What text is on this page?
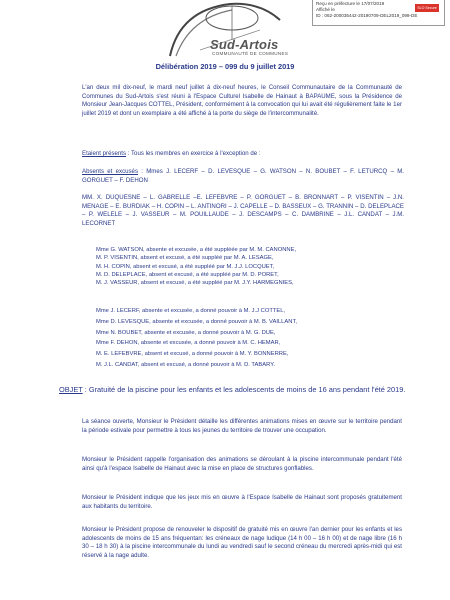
Reçu en préfecture le 17/07/2019
Affiché le
ID : 062-200035442-20190709-DEL2019_099-DE
SLO Secure
Sud-Artois
COMMUNAUTÉ DE COMMUNES
Délibération 2019 – 099 du 9 juillet 2019

L'an deux mil dix-neuf, le mardi neuf juillet à dix-neuf heures, le Conseil Communautaire de la Communauté de Communes du Sud-Artois s'est réuni à l'Espace Culturel Isabelle de Hainaut à BAPAUME, sous la Présidence de Monsieur Jean-Jacques COTTEL, Président, conformément à la convocation qui lui avait été régulièrement faite le 1er juillet 2019 et dont un exemplaire a été affiché à la porte du siège de l'intercommunalité.

Etaient présents : Tous les membres en exercice à l'exception de :

Absents et excusés : Mmes J. LECERF – D. LEVESQUE – G. WATSON – N. BOUBET – F. LETURCQ – M. GORGUET – F. DEHON

MM. X. DUQUESNE – L. GABRELLE –E. LEFEBVRE – P. GORGUET – B. BRONNART – P. VISENTIN – J.N. MENAGE – E. BURDIAK – H. COPIN – L. ANTINORI – J. CAPELLE – D. BASSEUX – G. TRANNIN – D. DELEPLACE – P. WELELE – J. VASSEUR – M. POUILLAUDE – J. DESCAMPS – C. DAMBRINE – J.L. CANDAT – J.M. LECORNET

Mme G. WATSON, absente et excusée, a été suppléée par M. M. CANONNE,
M. P. VISENTIN, absent et excusé, a été suppléé par M. A. LESAGE,
M. H. COPIN, absent et excusé, a été suppléé par M. J.J. LOCQUET,
M. D. DELEPLACE, absent et excusé, a été suppléé par M. D. PORET,
M. J. VASSEUR, absent et excusé, a été suppléé par M. J.Y. HARMEGNIES,
Mme J. LECERF, absente et excusée, a donné pouvoir à M. J.J COTTEL,
Mme D. LEVESQUE, absente et excusée, a donné pouvoir à M. B. VAILLANT,
Mme N. BOUBET, absente et excusée, a donné pouvoir à M. G. DUE,
Mme F. DEHON, absente et excusée, a donné pouvoir à M. C. HEMAR,
M. E. LEFEBVRE, absent et excusé, a donné pouvoir à M. Y. BONNERRE,
M. J.L. CANDAT, absent et excusé, a donné pouvoir à M. D. TABARY.
OBJET : Gratuité de la piscine pour les enfants et les adolescents de moins de 16 ans pendant l'été 2019.

La séance ouverte, Monsieur le Président détaille les différentes animations mises en œuvre sur le territoire pendant la période estivale pour permettre à tous les jeunes du territoire de trouver une occupation.

Monsieur le Président rappelle l'organisation des animations se déroulant à la piscine intercommunale pendant l'été ainsi qu'à l'espace Isabelle de Hainaut avec la mise en place de structures gonflables.

Monsieur le Président indique que les jeux mis en œuvre à l'Espace Isabelle de Hainaut sont proposés gratuitement aux habitants du territoire.

Monsieur le Président propose de renouveler le dispositif de gratuité mis en œuvre l'an dernier pour les enfants et les adolescents de moins de 15 ans fréquentan: les créneaux de nage ludique (14 h 00 – 16 h 00) et de nage libre (16 h 30 – 18 h 30) à la piscine intercommunale du lundi au vendredi sauf le second créneau du mercredi après-midi qui est réservé à la nage adulte.
